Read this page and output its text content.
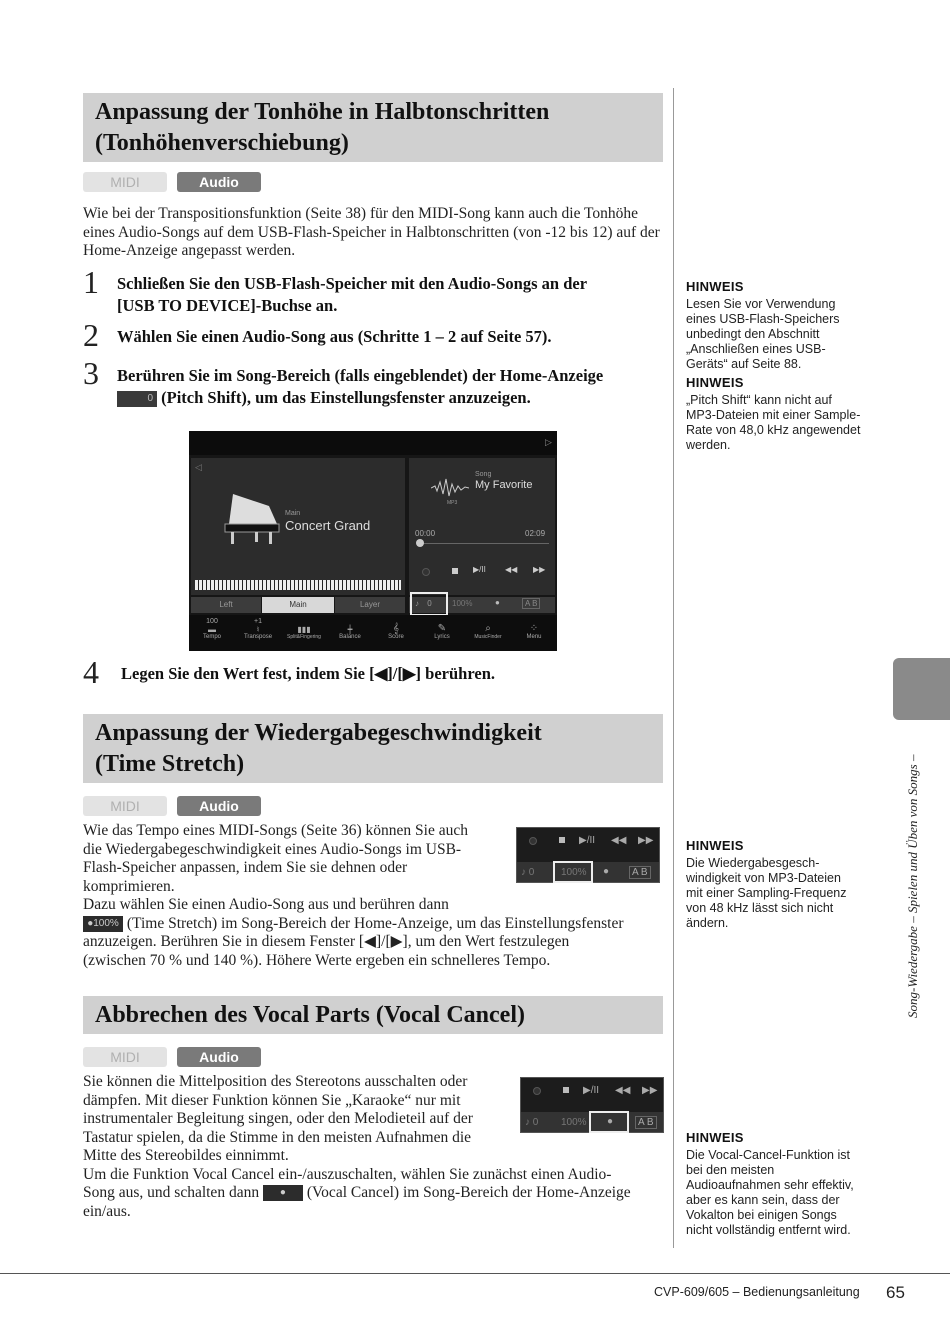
Song-Wiedergabe – Spielen und Üben von Songs –
Anpassung der Tonhöhe in Halbtonschritten
(Tonhöhenverschiebung)
MIDI	Audio

Wie bei der Transpositionsfunktion (Seite 38) für den MIDI-Song kann auch die Tonhöhe eines Audio-Songs auf dem USB-Flash-Speicher in Halbtonschritten (von -12 bis 12) auf der Home-Anzeige angepasst werden.

1 Schließen Sie den USB-Flash-Speicher mit den Audio-Songs an der
[USB TO DEVICE]-Buchse an.
2 Wählen Sie einen Audio-Song aus (Schritte 1 – 2 auf Seite 57).
3 Berühren Sie im Song-Bereich (falls eingeblendet) der Home-Anzeige
0 (Pitch Shift), um das Einstellungsfenster anzuzeigen.
▷
◁
Main
Concert Grand
MP3
Song
My Favorite
00:00	02:09
▶/II ◀◀ ▶▶
Left	Main	Layer	♪ 0	100%	●	A B
100
▬
Tempo
+1
♮
Transpose
▮▮▮
Split&Fingering
┿
Balance
𝄞
Score
✎
Lyrics
⌕
MusicFinder
⁘
Menu
4 Legen Sie den Wert fest, indem Sie [◀]/[▶] berühren.
Anpassung der Wiedergabegeschwindigkeit
(Time Stretch)
MIDI	Audio
Wie das Tempo eines MIDI-Songs (Seite 36) können Sie auch
die Wiedergabegeschwindigkeit eines Audio-Songs im USB-
Flash-Speicher anpassen, indem Sie sie dehnen oder
komprimieren.
Dazu wählen Sie einen Audio-Song aus und berühren dann
●100% (Time Stretch) im Song-Bereich der Home-Anzeige, um das Einstellungsfenster
anzuzeigen. Berühren Sie in diesem Fenster [◀]/[▶], um den Wert festzulegen
(zwischen 70 % und 140 %). Höhere Werte ergeben ein schnelleres Tempo.
▶/II ◀◀ ▶▶
♪ 0	100% ●	A B
Abbrechen des Vocal Parts (Vocal Cancel)
MIDI	Audio
Sie können die Mittelposition des Stereotons ausschalten oder
dämpfen. Mit dieser Funktion können Sie „Karaoke“ nur mit
instrumentaler Begleitung singen, oder den Melodieteil auf der
Tastatur spielen, da die Stimme in den meisten Aufnahmen die
Mitte des Stereobildes einnimmt.
Um die Funktion Vocal Cancel ein-/auszuschalten, wählen Sie zunächst einen Audio-
Song aus, und schalten dann ● (Vocal Cancel) im Song-Bereich der Home-Anzeige
ein/aus.
▶/II ◀◀ ▶▶
♪ 0 100% ●	A B
HINWEIS
Lesen Sie vor Verwendung eines USB-Flash-Speichers unbedingt den Abschnitt „Anschließen eines USB-Geräts“ auf Seite 88.
HINWEIS
„Pitch Shift“ kann nicht auf MP3-Dateien mit einer Sample-Rate von 48,0 kHz angewendet werden.
HINWEIS
Die Wiedergabesgesch-windigkeit von MP3-Dateien mit einer Sampling-Frequenz von 48 kHz lässt sich nicht ändern.
HINWEIS
Die Vocal-Cancel-Funktion ist bei den meisten Audioaufnahmen sehr effektiv, aber es kann sein, dass der Vokalton bei einigen Songs nicht vollständig entfernt wird.
CVP-609/605 – Bedienungsanleitung 65
